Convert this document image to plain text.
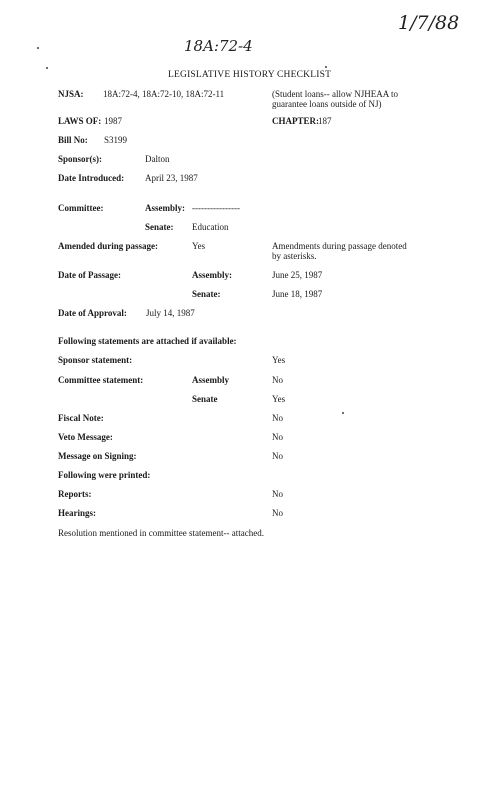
1/7/88
18A:72-4
LEGISLATIVE HISTORY CHECKLIST
NJSA: 18A:72-4, 18A:72-10, 18A:72-11	(Student loans-- allow NJHEAA to
guarantee loans outside of NJ)
LAWS OF: 1987	CHAPTER: 187
Bill No: S3199
Sponsor(s):	Dalton
Date Introduced: April 23, 1987
Committee:	Assembly: ----------------
Senate: Education
Amended during passage:	Yes	Amendments during passage denoted
by asterisks.
Date of Passage:	Assembly:	June 25, 1987
Senate:	June 18, 1987
Date of Approval: July 14, 1987
Following statements are attached if available:
Sponsor statement:	Yes
Committee statement:	Assembly	No
Senate	Yes
Fiscal Note:	No
Veto Message:	No
Message on Signing:	No
Following were printed:
Reports:	No
Hearings:	No
Resolution mentioned in committee statement-- attached.
